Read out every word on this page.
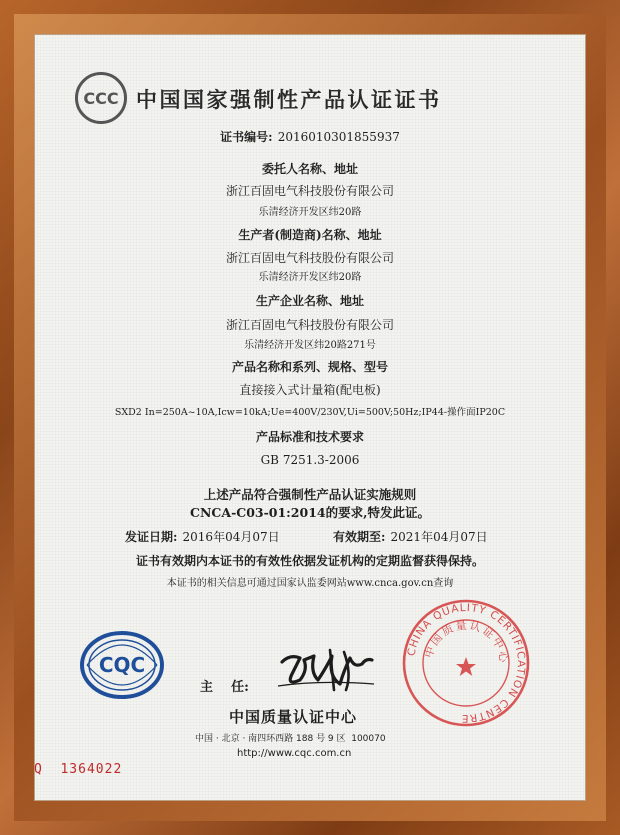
CCC 中国国家强制性产品认证证书
证书编号: 2016010301855937
委托人名称、地址
浙江百固电气科技股份有限公司
乐清经济开发区纬20路
生产者(制造商)名称、地址
浙江百固电气科技股份有限公司
乐清经济开发区纬20路
生产企业名称、地址
浙江百固电气科技股份有限公司
乐清经济开发区纬20路271号
产品名称和系列、规格、型号
直接接入式计量箱(配电板)
SXD2 In=250A~10A,Icw=10kA;Ue=400V/230V,Ui=500V;50Hz;IP44-操作面IP20C
产品标准和技术要求
GB 7251.3-2006
上述产品符合强制性产品认证实施规则
CNCA-C03-01:2014的要求,特发此证。
发证日期: 2016年04月07日	有效期至: 2021年04月07日
证书有效期内本证书的有效性依据发证机构的定期监督获得保持。
本证书的相关信息可通过国家认监委网站www.cnca.gov.cn查询
CQC
主    任:
中国质量认证中心
中国 · 北京 · 南四环西路 188 号 9 区  100070
http://www.cqc.com.cn
CHINA QUALITY CERTIFICATION CENTRE
中国质量认证中心
Q  1364022
